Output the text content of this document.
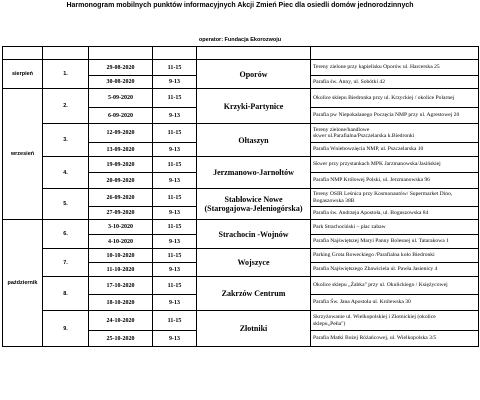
Harmonogram mobilnych punktów informacyjnych Akcji Zmień Piec dla osiedli domów jednorodzinnych
operator: Fundacja Ekorozwoju

sierpień	1.	29-08-2020	11-15	Oporów	Tereny zielone przy kąpielisku Oporów ul. Harcerska 25
		30-08-2020	9-13		Parafia św. Anny, ul. Sobótki 42
wrzesień	2.	5-09-2020	11-15	Krzyki-Partynice	Okolice sklepu Biedronka przy ul. Krzyckiej / okolice Polarnej
		6-09-2020	9-13		Parafia pw Niepokalanego Poczęcia NMP przy ul. Agrestowej 20
	3.	12-09-2020	11-15	Ołtaszyn	Tereny zielone/handlowe
skwer ul.Parafialna/Pszczelarska k.Biedronki
		13-09-2020	9-13		Parafia Wniebowzięcia NMP, ul. Pszczelarska 10
	4.	19-09-2020	11-15	Jerzmanowo-Jarnołtów	Skwer przy przystankach MPK Jarzmanowska/Jasińskiej
		20-09-2020	9-13		Parafia NMP Królowej Polski, ul. Jerzmanowska 96
	5.	26-09-2020	11-15	Stabłowice Nowe
(Starogajowa-Jeleniogórska)	Tereny OSIR Leśnica przy Kosmonautów/ Supermarket Dino,
Bogaszowska 38B
		27-09-2020	9-13		Parafia św. Andrzeja Apostoła, ul. Boguszowska 84
październik	6.	3-10-2020	11-15	Strachocin -Wojnów	Park Strachociński – plac zabaw
		4-10-2020	9-13		Parafia Najświętszej Maryi Panny Bolesnej ul. Tatarakowa 1
	7.	10-10-2020	11-15	Wojszyce	Parking Grota Roweckiego /Parafialna koło Biedronki
		11-10-2020	9-13		Parafia Najświętszego Zbawiciela ul. Pawła Jasienicy 4
	8.	17-10-2020	11-15	Zakrzów Centrum	Okolice sklepu „Żabka" przy ul. Okulickiego / Księżycowej
		18-10-2020	9-13		Parafia Św. Jana Apostoła ul. Królewska 30
	9.	24-10-2020	11-15	Złotniki	Skrzyżowanie ul. Wielkopolskiej i Złotnickiej (okolice
sklepu„Pełia")
		25-10-2020	9-13		Parafia Matki Bożej Różańcowej, ul. Wielkopolska 3/5
